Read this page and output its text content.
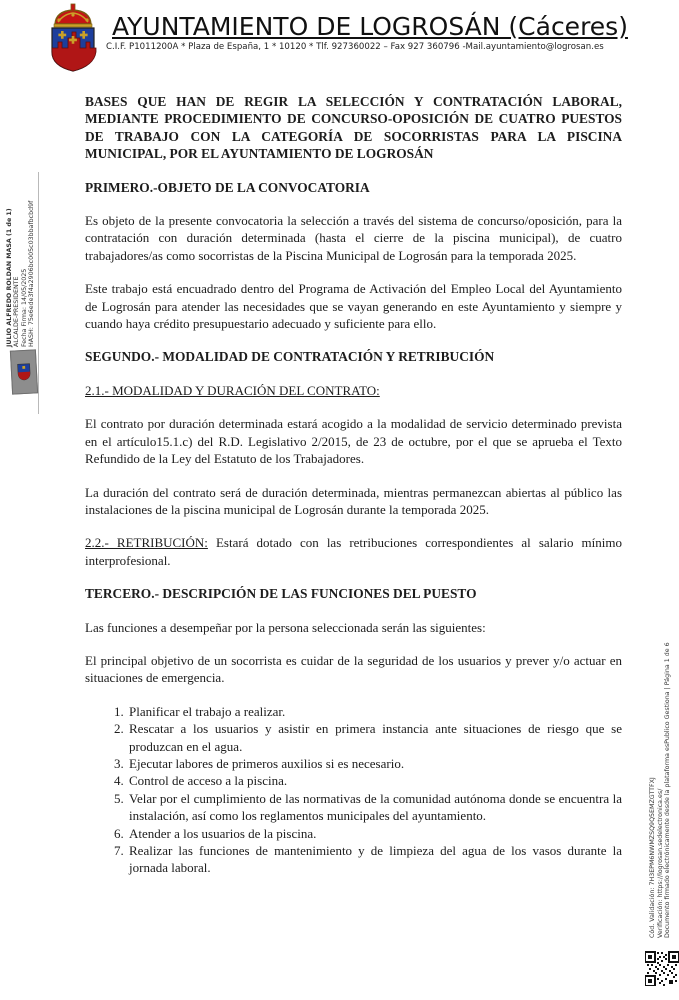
AYUNTAMIENTO DE LOGROSÁN (Cáceres)
C.I.F. P1011200A * Plaza de España, 1 * 10120 * Tlf. 927360022 – Fax 927 360796 -Mail.ayuntamiento@logrosan.es
JULIO ALFREDO ROLDAN MASA (1 de 1) ALCALDE-PRESIDENTE Fecha Firma: 14/05/2025 HASH: 75e6ede3f4a2906bc005c03bbafbcbd9f

BASES QUE HAN DE REGIR LA SELECCIÓN Y CONTRATACIÓN LABORAL, MEDIANTE PROCEDIMIENTO DE CONCURSO-OPOSICIÓN DE CUATRO PUESTOS DE TRABAJO CON LA CATEGORÍA DE SOCORRISTAS PARA LA PISCINA MUNICIPAL, POR EL AYUNTAMIENTO DE LOGROSÁN

PRIMERO.-OBJETO DE LA CONVOCATORIA

Es objeto de la presente convocatoria la selección a través del sistema de concurso/oposición, para la contratación con duración determinada (hasta el cierre de la piscina municipal), de cuatro trabajadores/as como socorristas de la Piscina Municipal de Logrosán para la temporada 2025.

Este trabajo está encuadrado dentro del Programa de Activación del Empleo Local del Ayuntamiento de Logrosán para atender las necesidades que se vayan generando en este Ayuntamiento y siempre y cuando haya crédito presupuestario adecuado y suficiente para ello.

SEGUNDO.- MODALIDAD DE CONTRATACIÓN Y RETRIBUCIÓN

2.1.- MODALIDAD Y DURACIÓN DEL CONTRATO:

El contrato por duración determinada estará acogido a la modalidad de servicio determinado prevista en el artículo15.1.c) del R.D. Legislativo 2/2015, de 23 de octubre, por el que se aprueba el Texto Refundido de la Ley del Estatuto de los Trabajadores.

La duración del contrato será de duración determinada, mientras permanezcan abiertas al público las instalaciones de la piscina municipal de Logrosán durante la temporada 2025.

2.2.- RETRIBUCIÓN: Estará dotado con las retribuciones correspondientes al salario mínimo interprofesional.

TERCERO.- DESCRIPCIÓN DE LAS FUNCIONES DEL PUESTO

Las funciones a desempeñar por la persona seleccionada serán las siguientes:

El principal objetivo de un socorrista es cuidar de la seguridad de los usuarios y prever y/o actuar en situaciones de emergencia.

1. Planificar el trabajo a realizar.
2. Rescatar a los usuarios y asistir en primera instancia ante situaciones de riesgo que se produzcan en el agua.
3. Ejecutar labores de primeros auxilios si es necesario.
4. Control de acceso a la piscina.
5. Velar por el cumplimiento de las normativas de la comunidad autónoma donde se encuentra la instalación, así como los reglamentos municipales del ayuntamiento.
6. Atender a los usuarios de la piscina.
7. Realizar las funciones de mantenimiento y de limpieza del agua de los vasos durante la jornada laboral.	Cód. Validación: 7H3EPM6NWMZSQ9Q5EMZGTTFXJ Verificación: https://logrosan.sedelectronica.es/ Documento firmado electrónicamente desde la plataforma esPublico Gestiona | Página 1 de 6
